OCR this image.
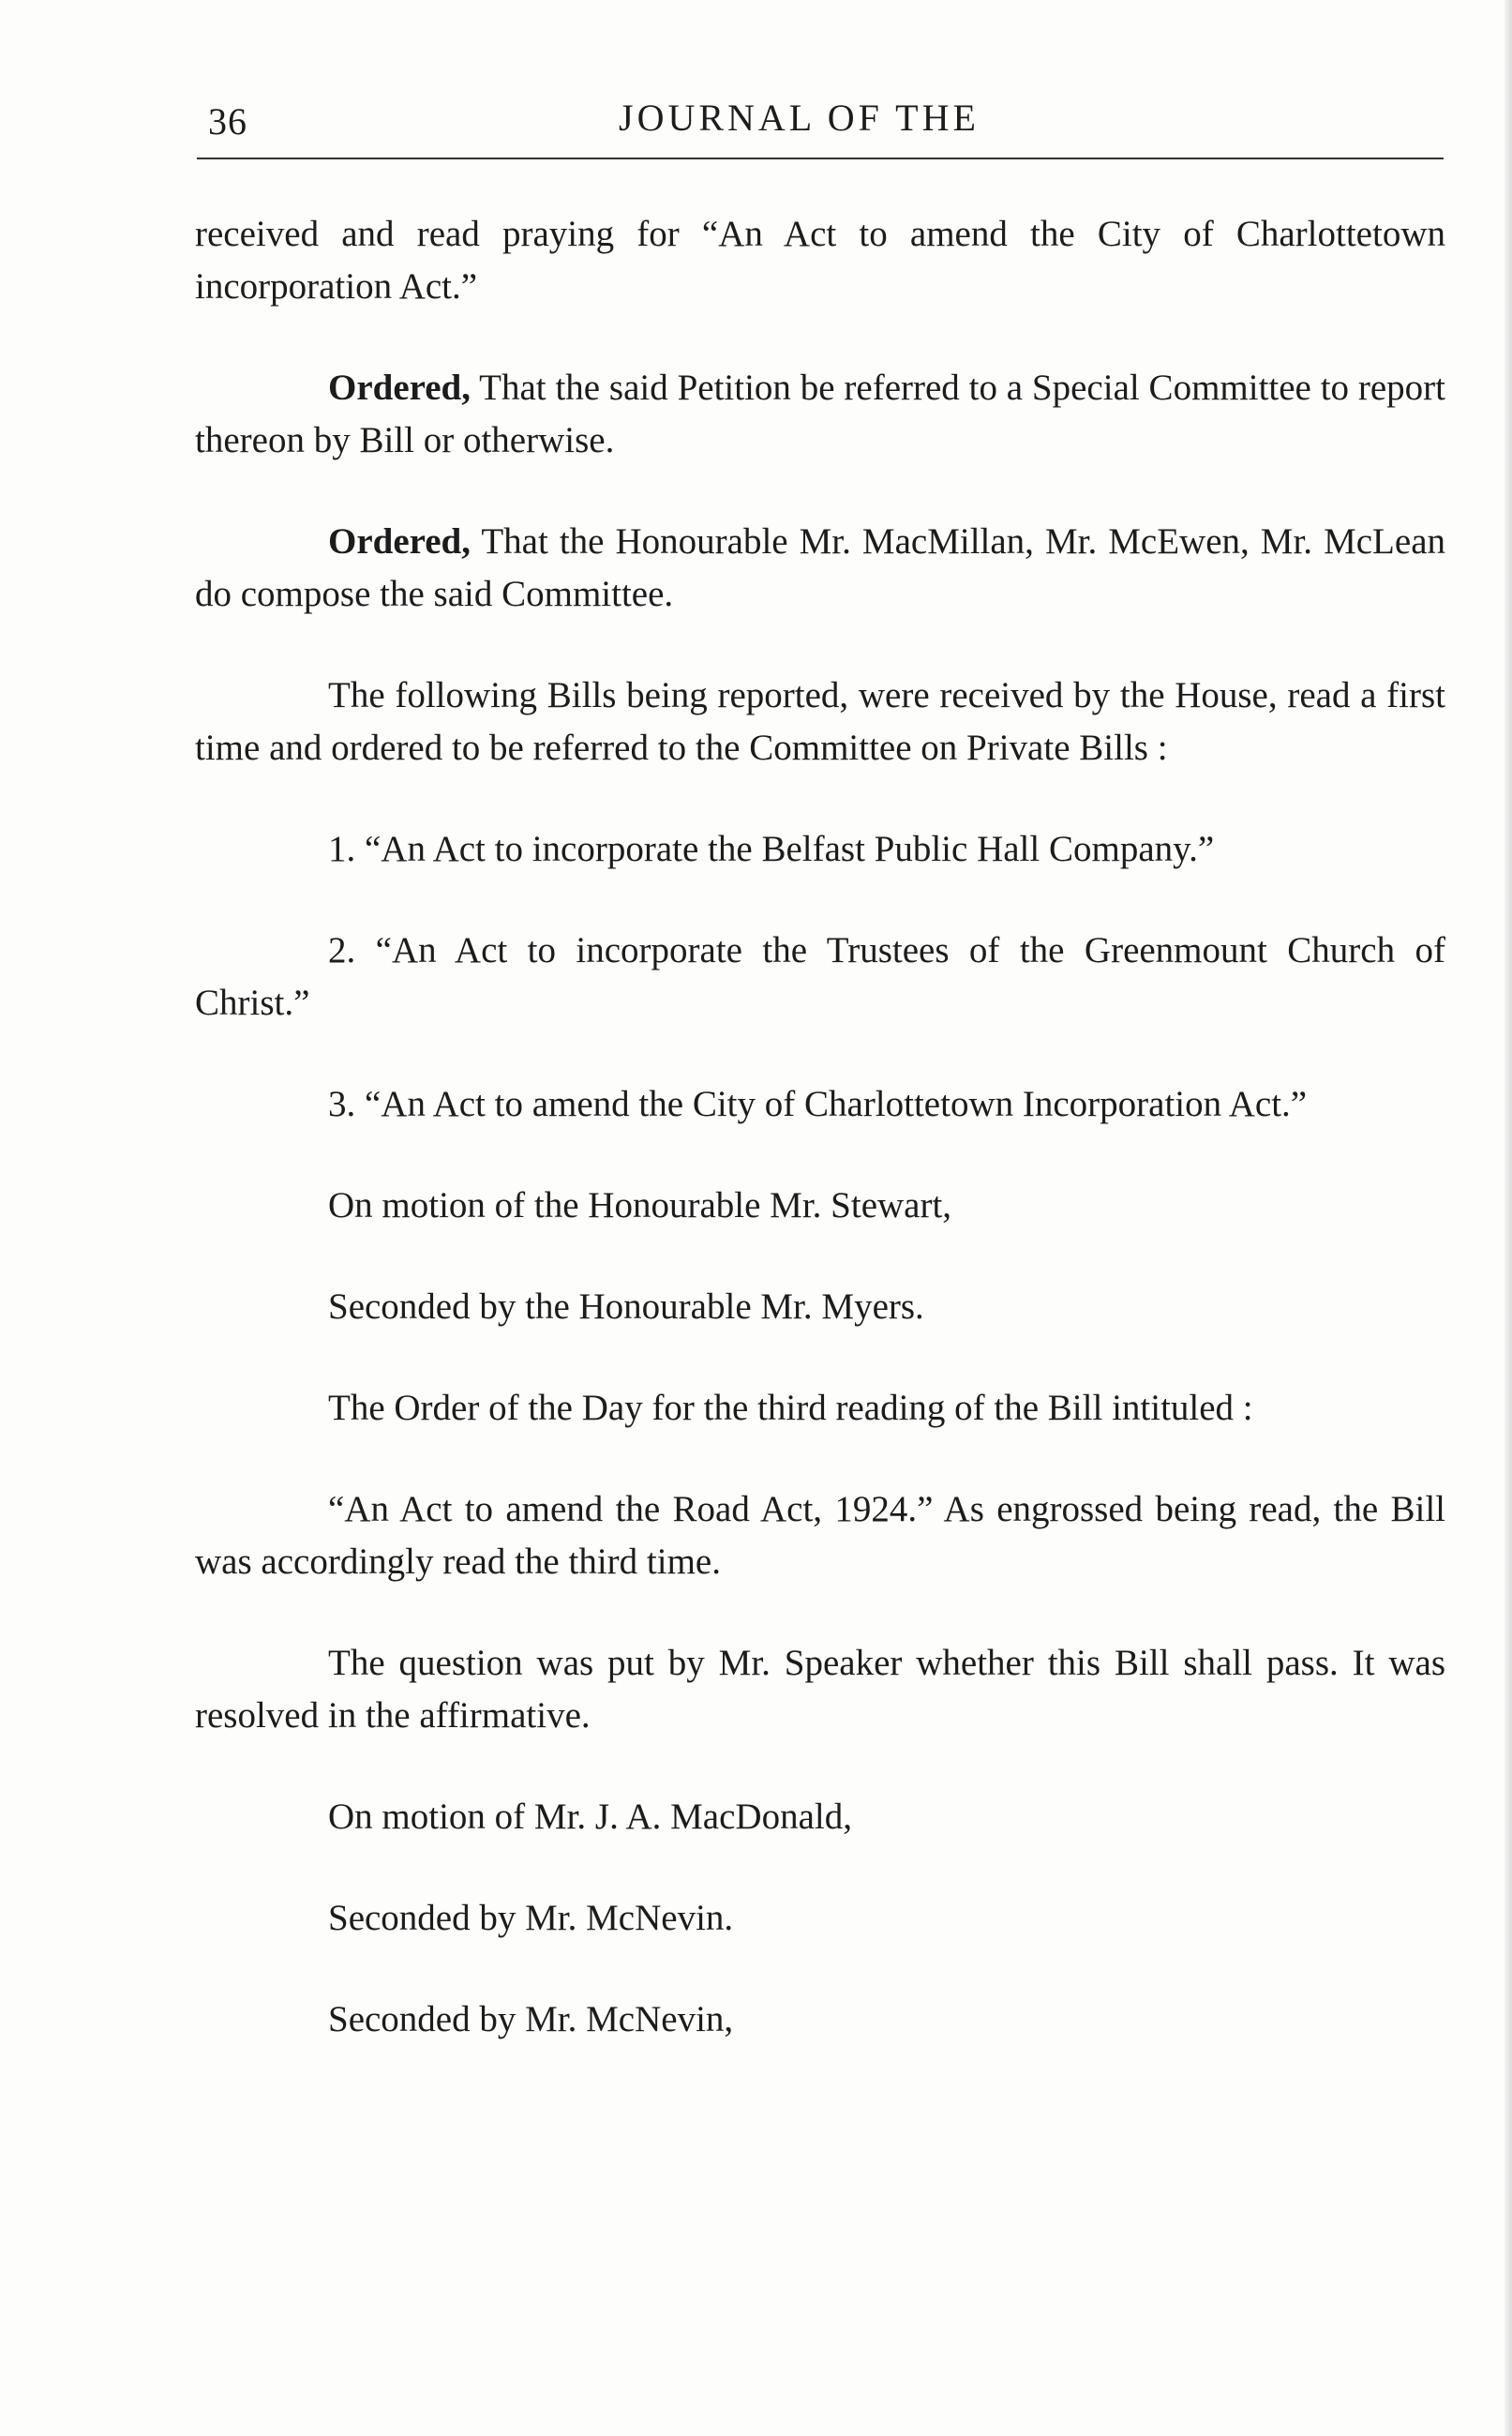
36	JOURNAL OF THE

received and read praying for “An Act to amend the City of Charlottetown incorporation Act.”

Ordered, That the said Petition be referred to a Special Committee to report thereon by Bill or otherwise.

Ordered, That the Honourable Mr. MacMillan, Mr. McEwen, Mr. McLean do compose the said Committee.

The following Bills being reported, were received by the House, read a first time and ordered to be referred to the Committee on Private Bills :

1. “An Act to incorporate the Belfast Public Hall Company.”

2. “An Act to incorporate the Trustees of the Greenmount Church of Christ.”

3. “An Act to amend the City of Charlottetown Incorporation Act.”

On motion of the Honourable Mr. Stewart,

Seconded by the Honourable Mr. Myers.

The Order of the Day for the third reading of the Bill intituled :

“An Act to amend the Road Act, 1924.” As engrossed being read, the Bill was accordingly read the third time.

The question was put by Mr. Speaker whether this Bill shall pass. It was resolved in the affirmative.

On motion of Mr. J. A. MacDonald,

Seconded by Mr. McNevin.

Seconded by Mr. McNevin,
